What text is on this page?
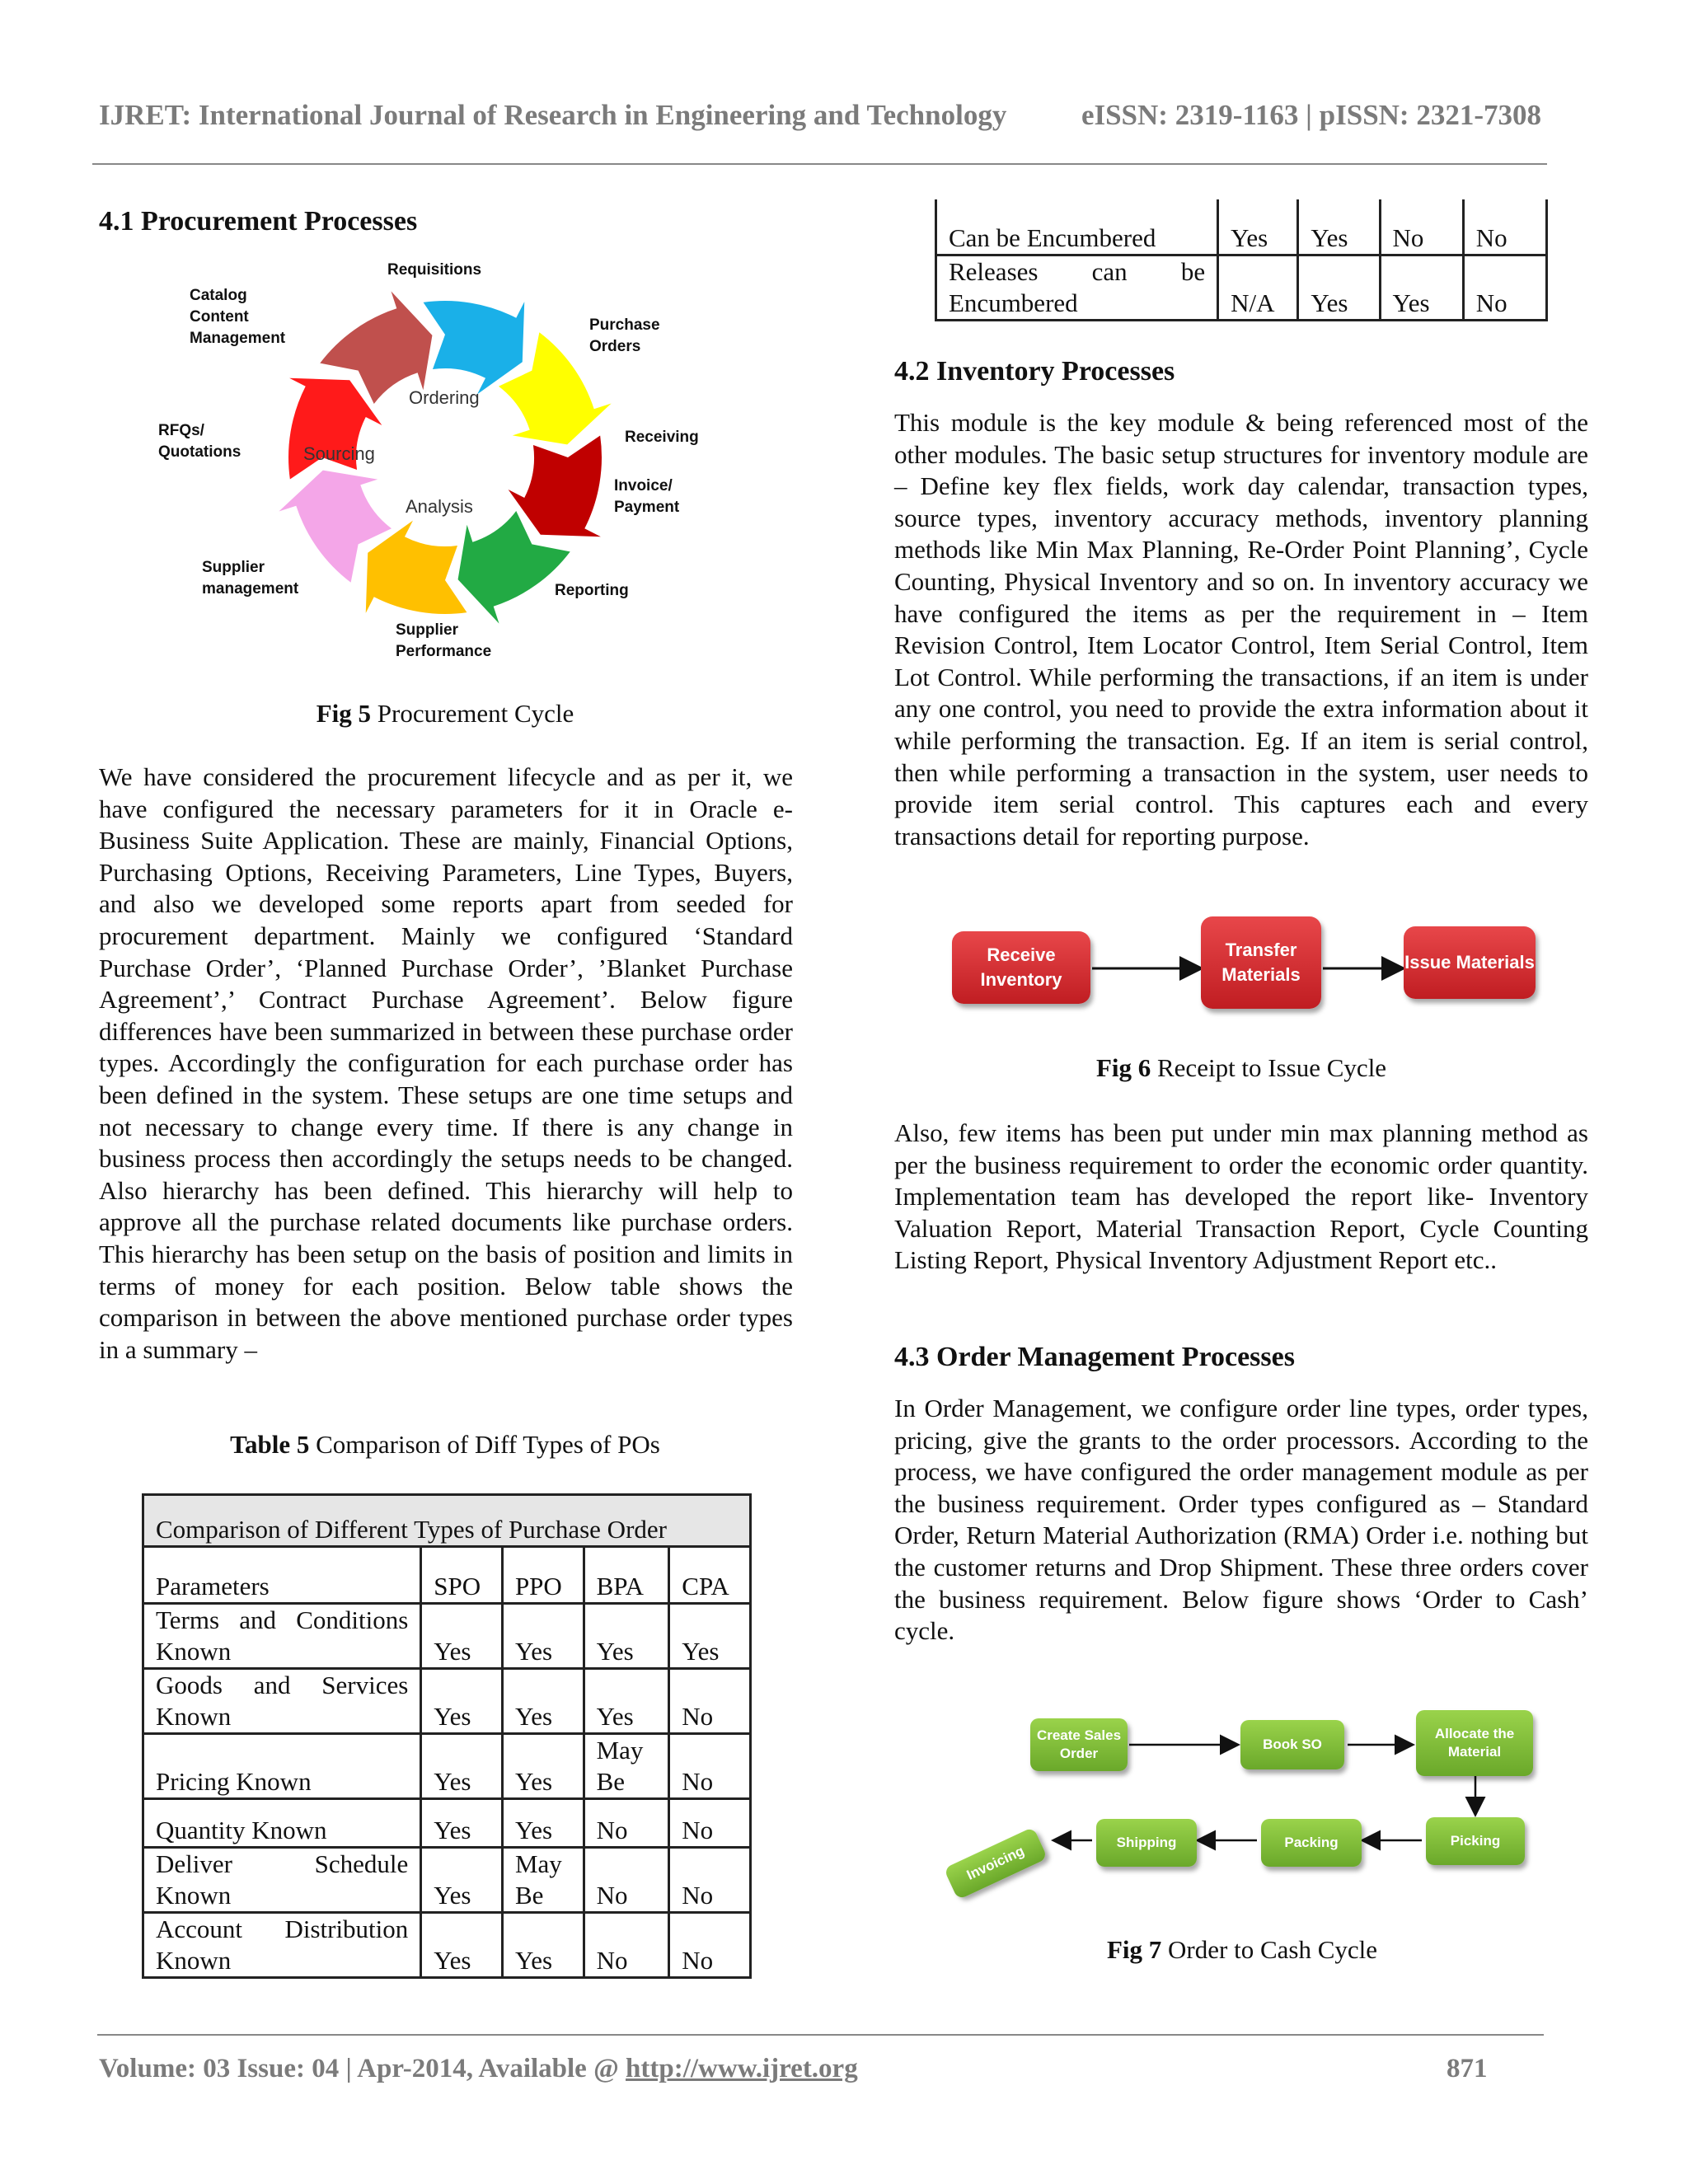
IJRET: International Journal of Research in Engineering and Technology	eISSN: 2319-1163 | pISSN: 2321-7308
4.1 Procurement Processes
Ordering
Sourcing
Analysis
Requisitions
Purchase Orders
Receiving
Invoice/ Payment
Reporting
Supplier Performance
Supplier management
RFQs/ Quotations
Catalog Content Management
Fig 5 Procurement Cycle

We have considered the procurement lifecycle and as per it, we have configured the necessary parameters for it in Oracle e-Business Suite Application. These are mainly, Financial Options, Purchasing Options, Receiving Parameters, Line Types, Buyers, and also we developed some reports apart from seeded for procurement department. Mainly we configured ‘Standard Purchase Order’, ‘Planned Purchase Order’, ’Blanket Purchase Agreement’,’ Contract Purchase Agreement’. Below figure differences have been summarized in between these purchase order types. Accordingly the configuration for each purchase order has been defined in the system. These setups are one time setups and not necessary to change every time. If there is any change in business process then accordingly the setups needs to be changed. Also hierarchy has been defined. This hierarchy will help to approve all the purchase related documents like purchase orders. This hierarchy has been setup on the basis of position and limits in terms of money for each position. Below table shows the comparison in between the above mentioned purchase order types in a summary –

Table 5 Comparison of Diff Types of POs
Comparison of Different Types of Purchase Order				
Parameters	SPO	PPO	BPA	CPA
Terms and Conditions Known	Yes	Yes	Yes	Yes
Goods and Services Known	Yes	Yes	Yes	No
Pricing Known	Yes	Yes	May Be	No
Quantity Known	Yes	Yes	No	No
Deliver Schedule Known	Yes	May Be	No	No
Account Distribution Known	Yes	Yes	No	No
Can be Encumbered	Yes	Yes	No	No
Releases can be Encumbered	N/A	Yes	Yes	No
4.2 Inventory Processes

This module is the key module & being referenced most of the other modules. The basic setup structures for inventory module are – Define key flex fields, work day calendar, transaction types, source types, inventory accuracy methods, inventory planning methods like Min Max Planning, Re-Order Point Planning’, Cycle Counting, Physical Inventory and so on. In inventory accuracy we have configured the items as per the requirement in – Item Revision Control, Item Locator Control, Item Serial Control, Item Lot Control. While performing the transactions, if an item is under any one control, you need to provide the extra information about it while performing the transaction. Eg. If an item is serial control, then while performing a transaction in the system, user needs to provide item serial control. This captures each and every transactions detail for reporting purpose.

Receive Inventory
Transfer Materials
Issue Materials
Fig 6 Receipt to Issue Cycle

Also, few items has been put under min max planning method as per the business requirement to order the economic order quantity. Implementation team has developed the report like- Inventory Valuation Report, Material Transaction Report, Cycle Counting Listing Report, Physical Inventory Adjustment Report etc..

4.3 Order Management Processes

In Order Management, we configure order line types, order types, pricing, give the grants to the order processors. According to the process, we have configured the order management module as per the business requirement. Order types configured as – Standard Order, Return Material Authorization (RMA) Order i.e. nothing but the customer returns and Drop Shipment. These three orders cover the business requirement. Below figure shows ‘Order to Cash’ cycle.

Create Sales Order
Book SO
Allocate the Material
Picking
Packing
Shipping
Invoicing
Fig 7 Order to Cash Cycle
Volume: 03 Issue: 04 | Apr-2014, Available @ http://www.ijret.org	871
